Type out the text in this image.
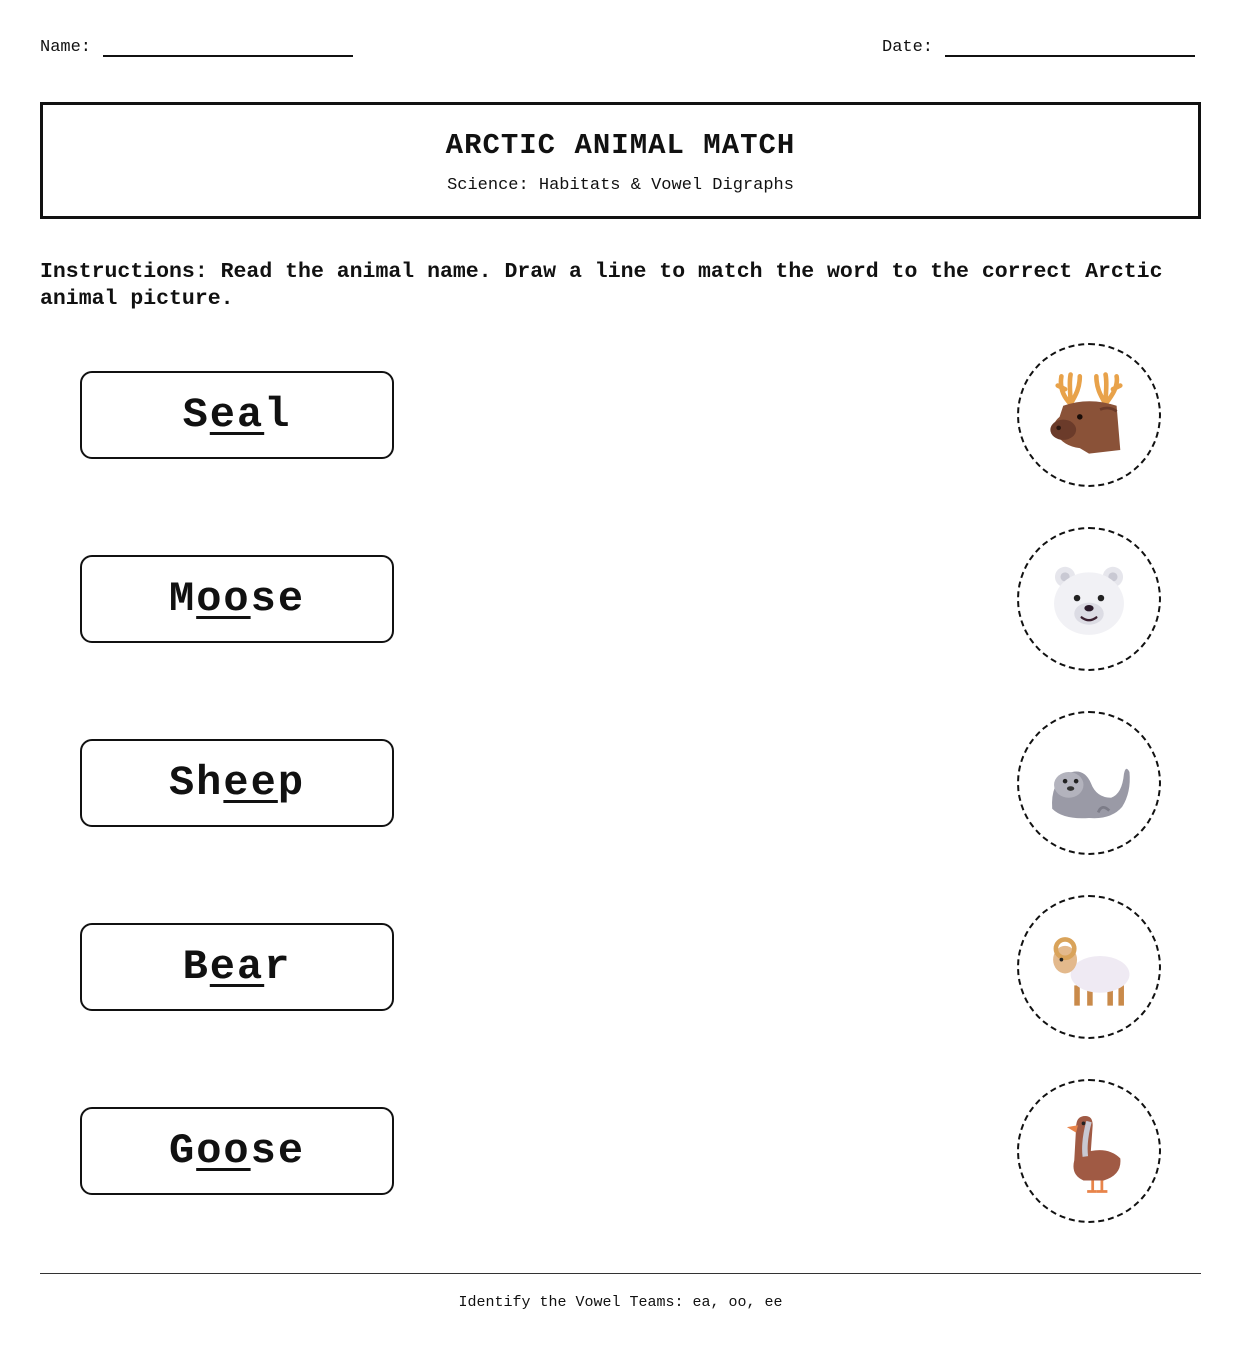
Name:	Date:
ARCTIC ANIMAL MATCH
Science: Habitats & Vowel Digraphs
Instructions: Read the animal name. Draw a line to match the word to the correct Arctic animal picture.
S ea l
M oo se
Sh ee p
B ea r
G oo se
Identify the Vowel Teams: ea, oo, ee
